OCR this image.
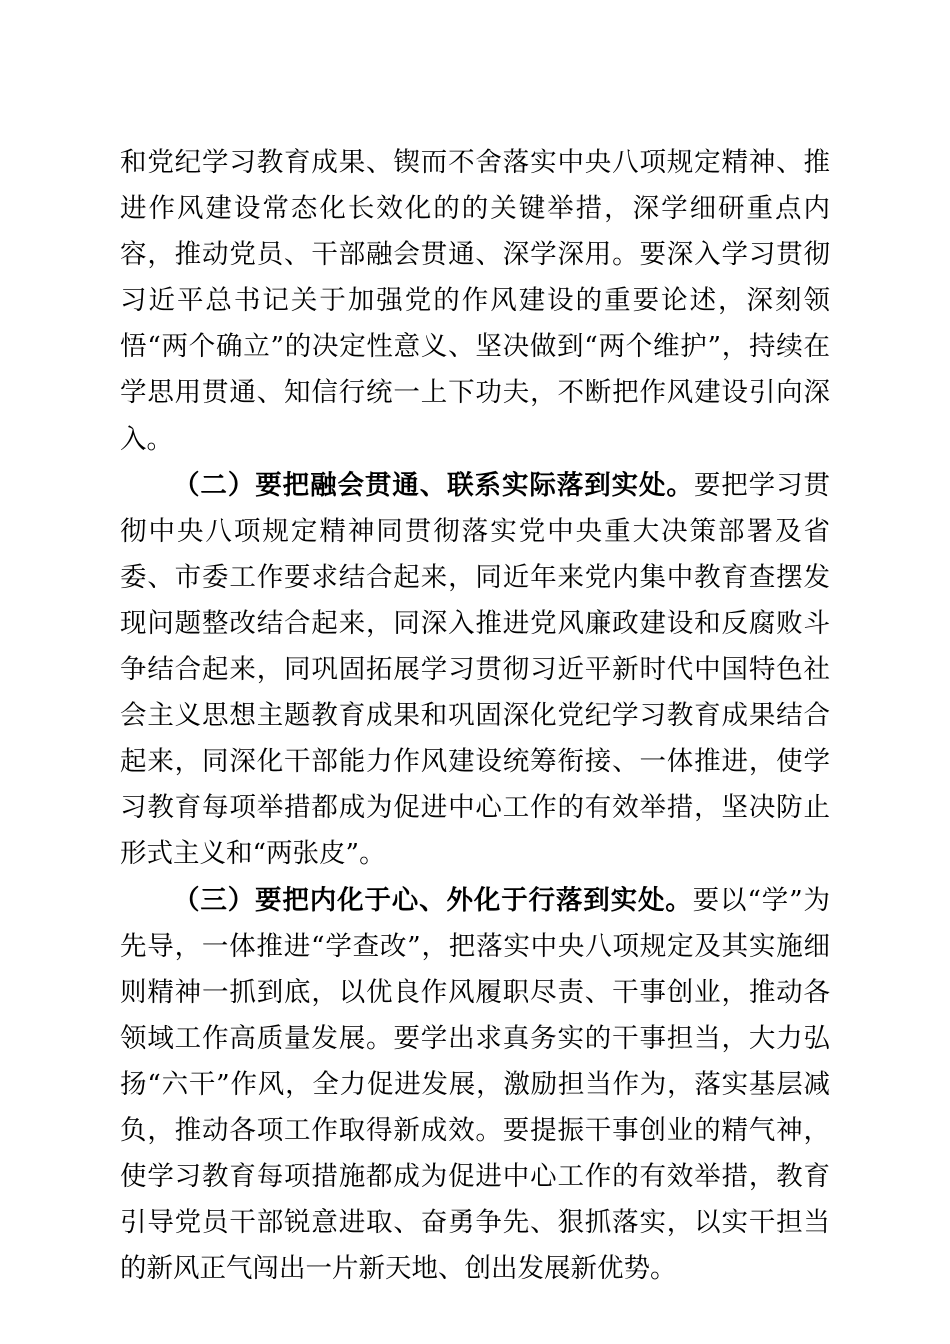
和党纪学习教育成果、锲而不舍落实中央八项规定精神、推进作风建设常态化长效化的的关键举措，深学细研重点内容，推动党员、干部融会贯通、深学深用。要深入学习贯彻习近平总书记关于加强党的作风建设的重要论述，深刻领悟“两个确立”的决定性意义、坚决做到“两个维护”，持续在学思用贯通、知信行统一上下功夫，不断把作风建设引向深入。

（二）要把融会贯通、联系实际落到实处。要把学习贯彻中央八项规定精神同贯彻落实党中央重大决策部署及省委、市委工作要求结合起来，同近年来党内集中教育查摆发现问题整改结合起来，同深入推进党风廉政建设和反腐败斗争结合起来，同巩固拓展学习贯彻习近平新时代中国特色社会主义思想主题教育成果和巩固深化党纪学习教育成果结合起来，同深化干部能力作风建设统筹衔接、一体推进，使学习教育每项举措都成为促进中心工作的有效举措，坚决防止形式主义和“两张皮”。

（三）要把内化于心、外化于行落到实处。要以“学”为先导，一体推进“学查改”，把落实中央八项规定及其实施细则精神一抓到底，以优良作风履职尽责、干事创业，推动各领域工作高质量发展。要学出求真务实的干事担当，大力弘扬“六干”作风，全力促进发展，激励担当作为，落实基层减负，推动各项工作取得新成效。要提振干事创业的精气神，使学习教育每项措施都成为促进中心工作的有效举措，教育引导党员干部锐意进取、奋勇争先、狠抓落实，以实干担当的新风正气闯出一片新天地、创出发展新优势。
